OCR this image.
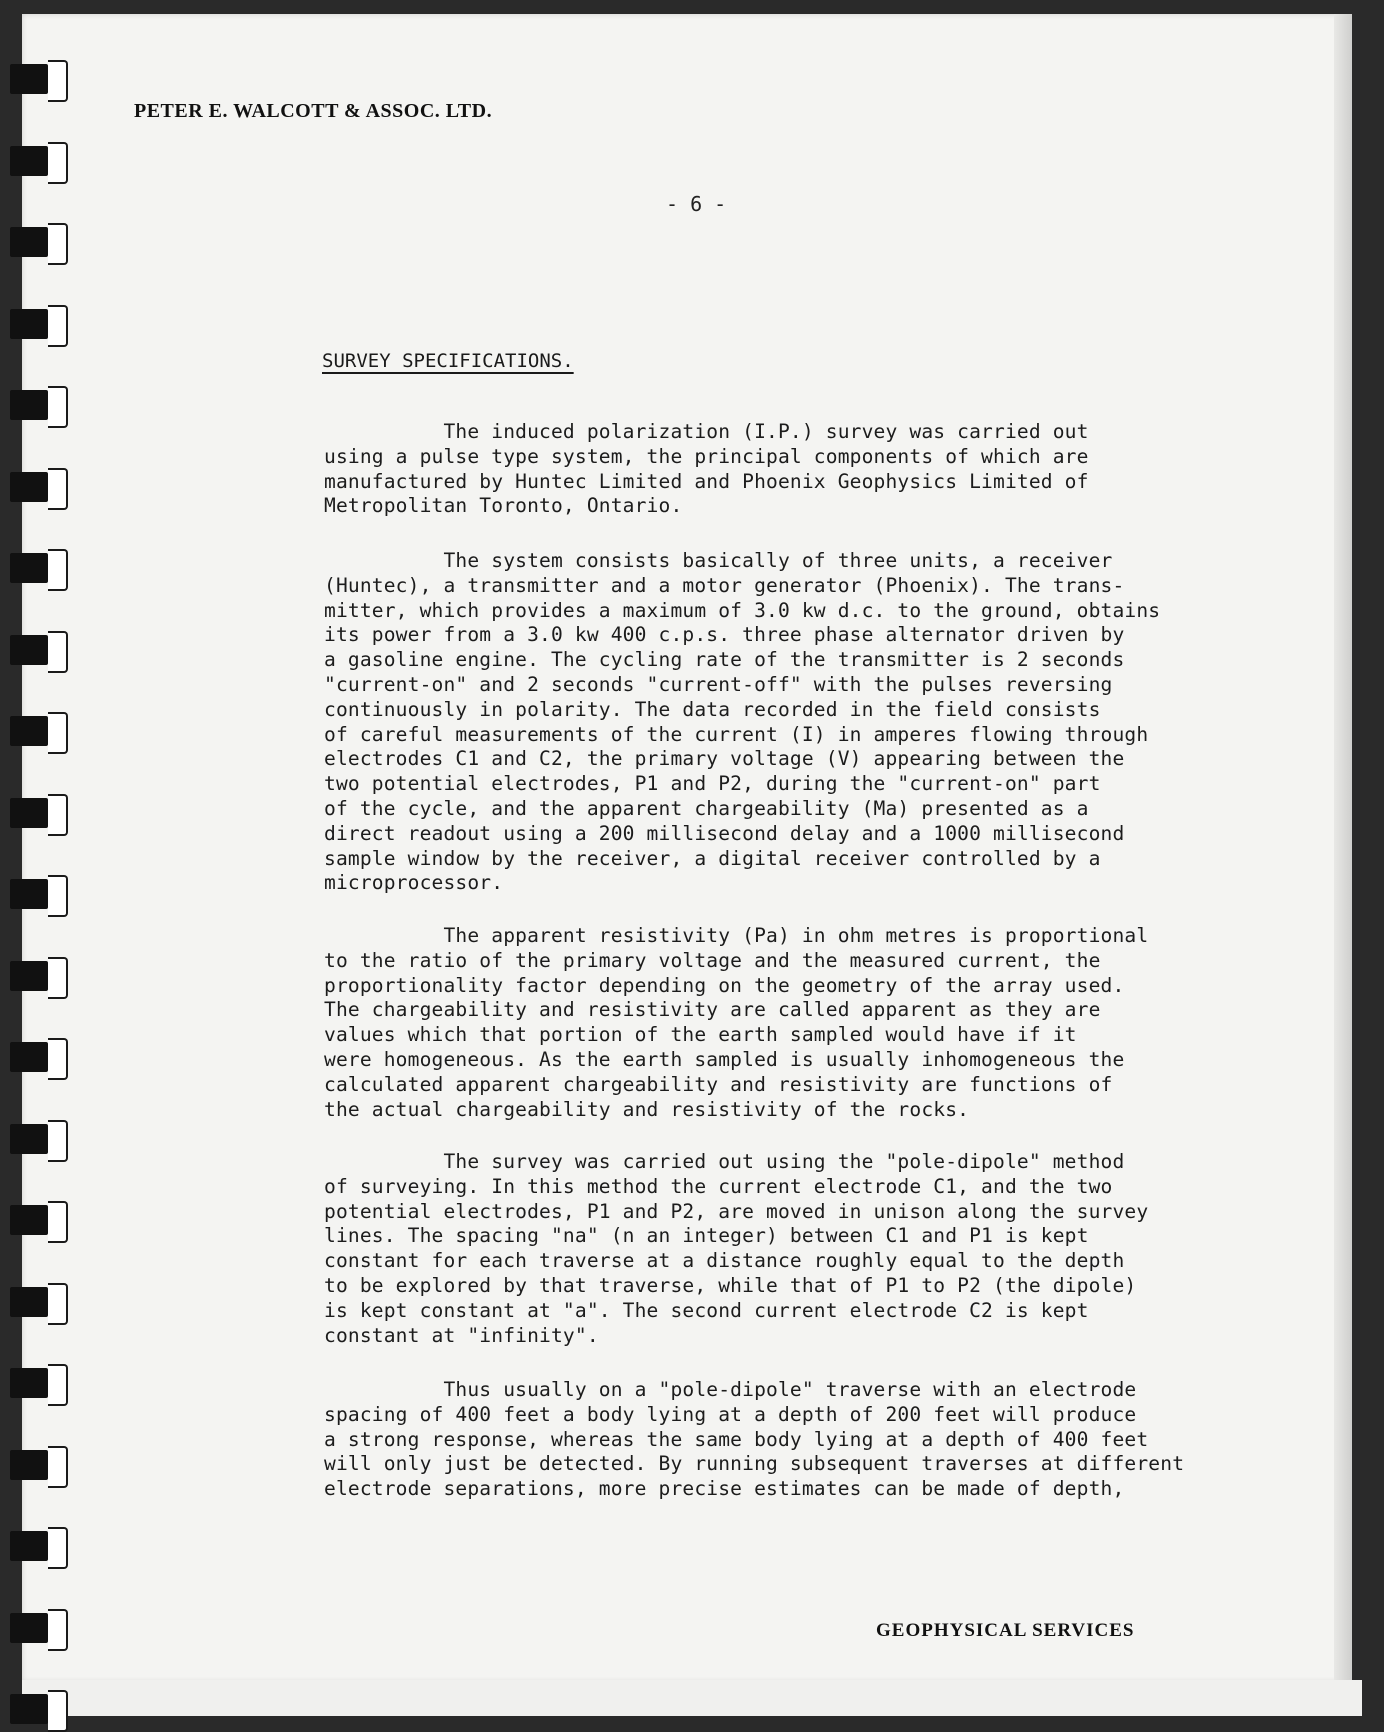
PETER E. WALCOTT & ASSOC. LTD.
- 6 -
SURVEY SPECIFICATIONS.
The induced polarization (I.P.) survey was carried out
using a pulse type system, the principal components of which are
manufactured by Huntec Limited and Phoenix Geophysics Limited of
Metropolitan Toronto, Ontario.
The system consists basically of three units, a receiver
(Huntec), a transmitter and a motor generator (Phoenix). The trans-
mitter, which provides a maximum of 3.0 kw d.c. to the ground, obtains
its power from a 3.0 kw 400 c.p.s. three phase alternator driven by
a gasoline engine. The cycling rate of the transmitter is 2 seconds
"current-on" and 2 seconds "current-off" with the pulses reversing
continuously in polarity. The data recorded in the field consists
of careful measurements of the current (I) in amperes flowing through
electrodes C1 and C2, the primary voltage (V) appearing between the
two potential electrodes, P1 and P2, during the "current-on" part
of the cycle, and the apparent chargeability (Ma) presented as a
direct readout using a 200 millisecond delay and a 1000 millisecond
sample window by the receiver, a digital receiver controlled by a
microprocessor.
The apparent resistivity (Pa) in ohm metres is proportional
to the ratio of the primary voltage and the measured current, the
proportionality factor depending on the geometry of the array used.
The chargeability and resistivity are called apparent as they are
values which that portion of the earth sampled would have if it
were homogeneous. As the earth sampled is usually inhomogeneous the
calculated apparent chargeability and resistivity are functions of
the actual chargeability and resistivity of the rocks.
The survey was carried out using the "pole-dipole" method
of surveying. In this method the current electrode C1, and the two
potential electrodes, P1 and P2, are moved in unison along the survey
lines. The spacing "na" (n an integer) between C1 and P1 is kept
constant for each traverse at a distance roughly equal to the depth
to be explored by that traverse, while that of P1 to P2 (the dipole)
is kept constant at "a". The second current electrode C2 is kept
constant at "infinity".
Thus usually on a "pole-dipole" traverse with an electrode
spacing of 400 feet a body lying at a depth of 200 feet will produce
a strong response, whereas the same body lying at a depth of 400 feet
will only just be detected. By running subsequent traverses at different
electrode separations, more precise estimates can be made of depth,
GEOPHYSICAL SERVICES
